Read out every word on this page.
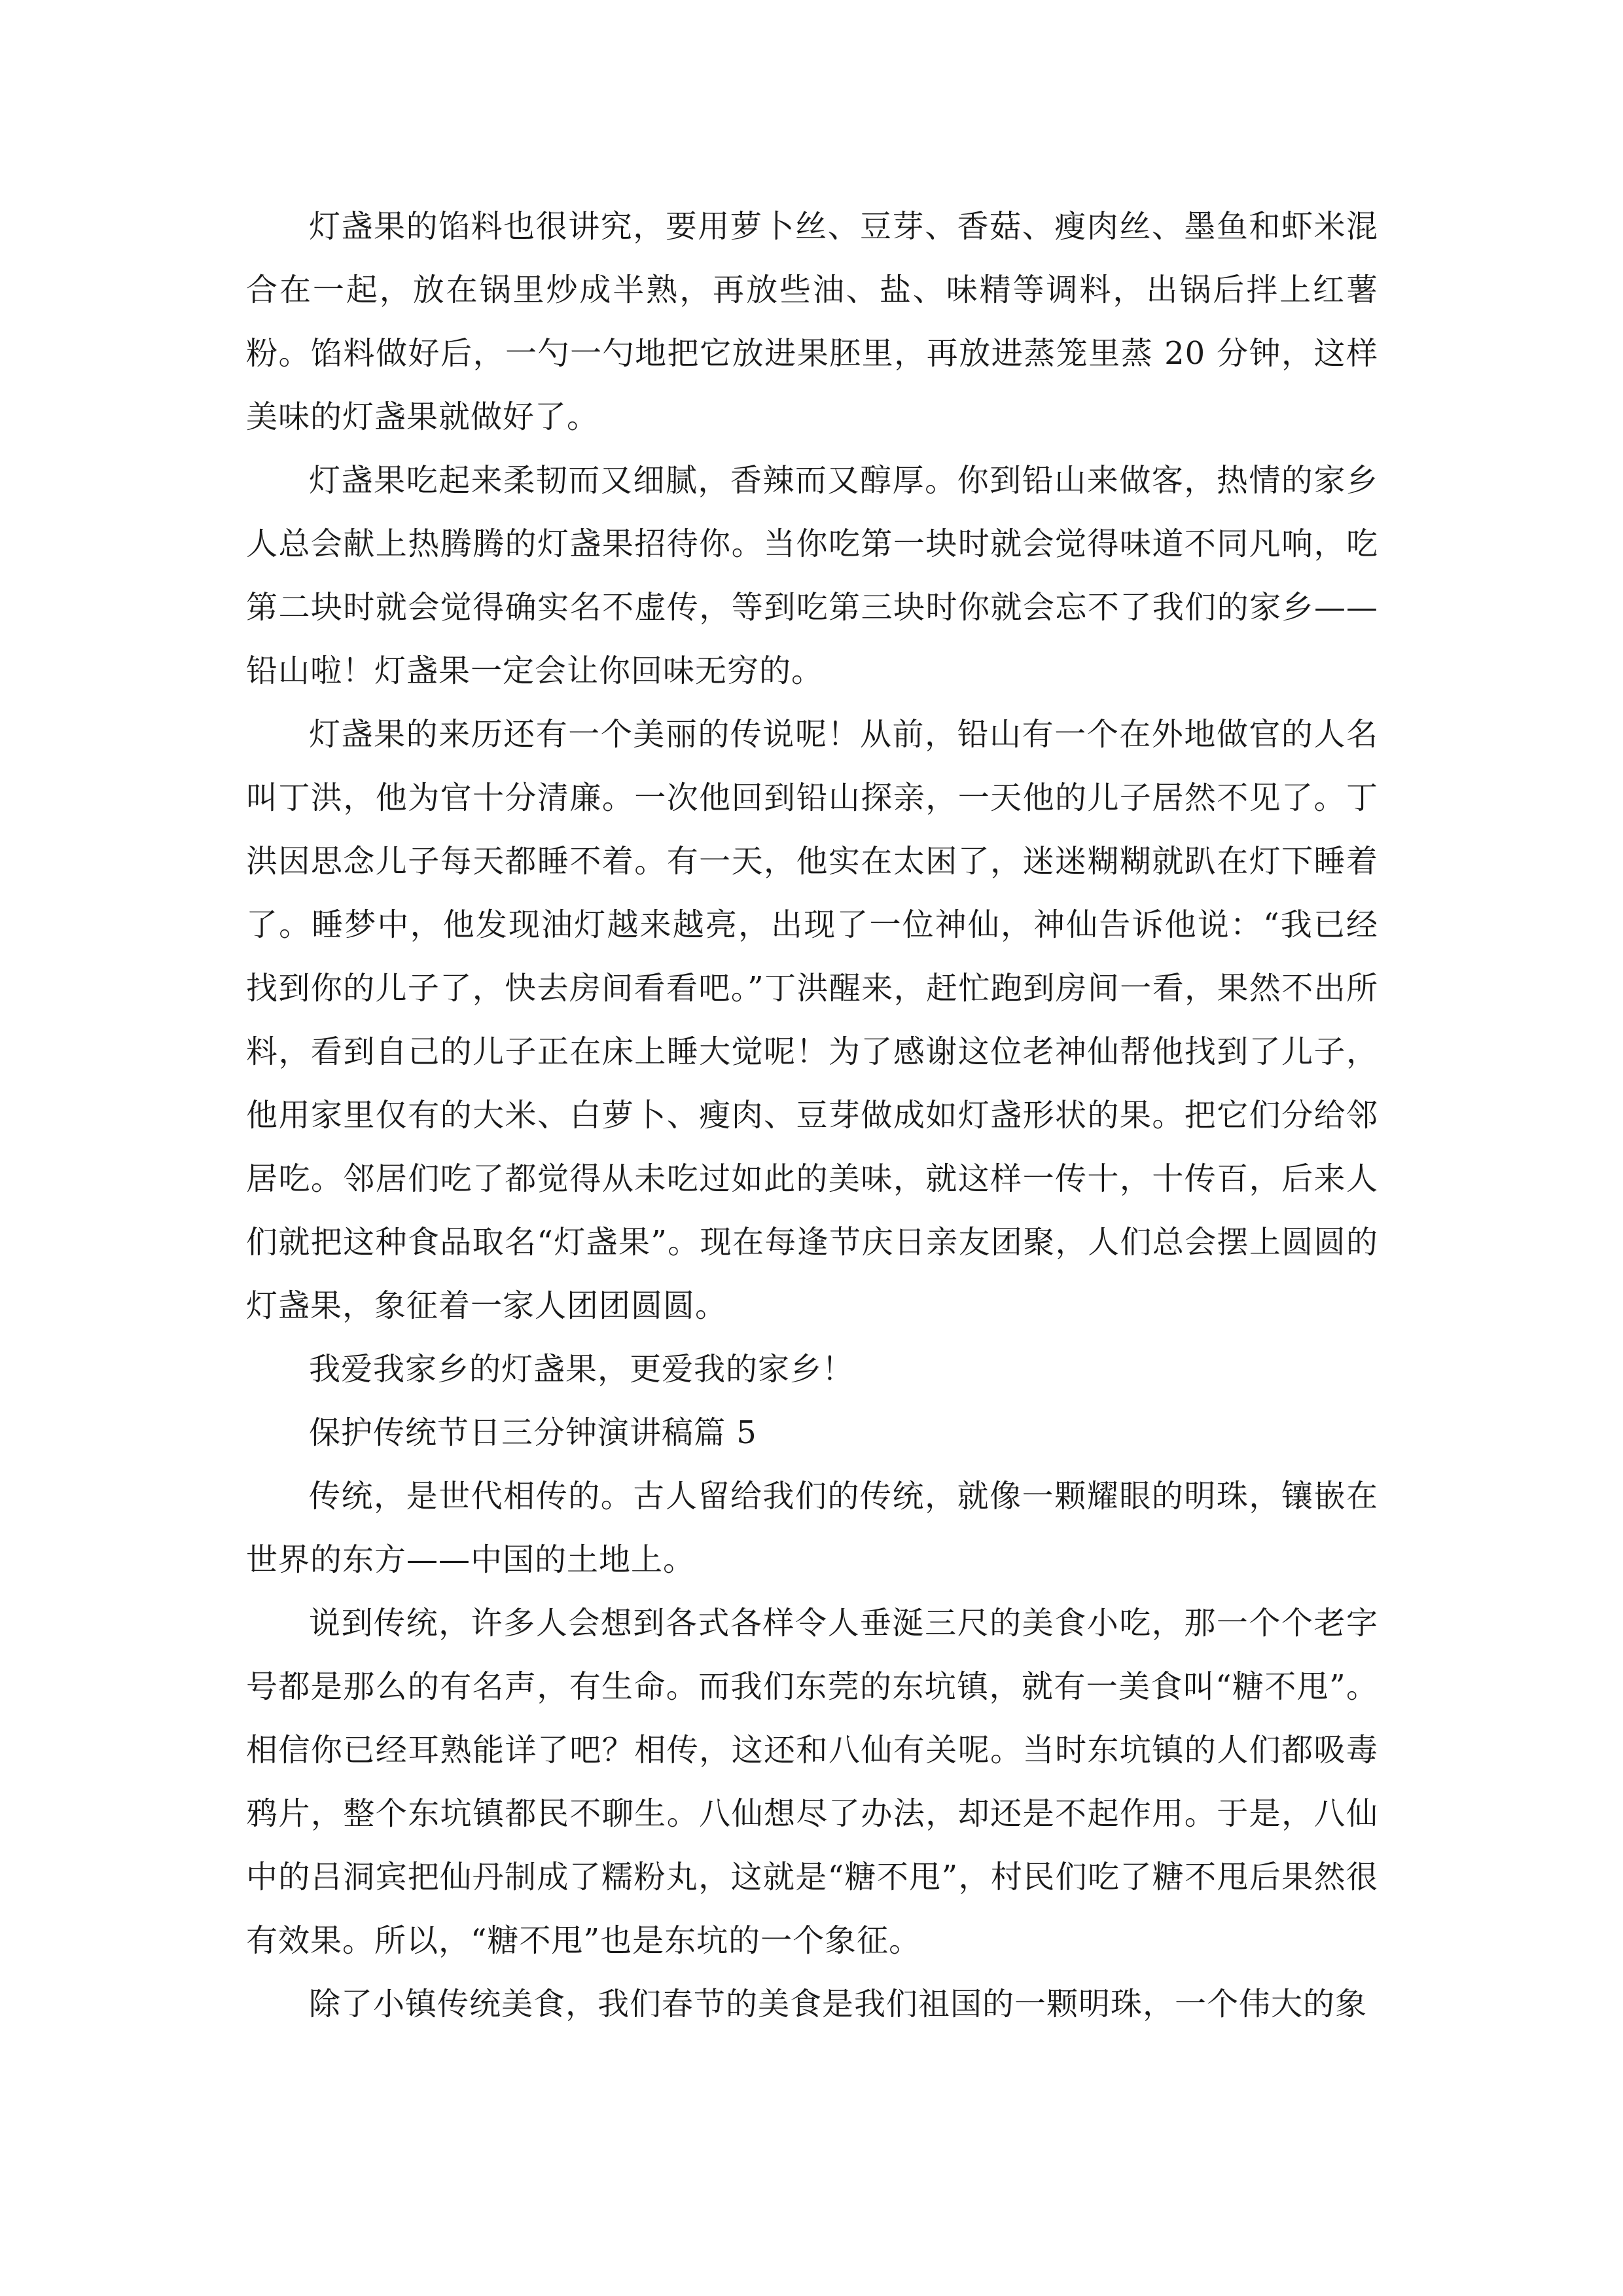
灯盏果的馅料也很讲究，要用萝卜丝、豆芽、香菇、瘦肉丝、墨鱼和虾米混合在一起，放在锅里炒成半熟，再放些油、盐、味精等调料，出锅后拌上红薯粉。馅料做好后，一勺一勺地把它放进果胚里，再放进蒸笼里蒸 20 分钟，这样美味的灯盏果就做好了。

灯盏果吃起来柔韧而又细腻，香辣而又醇厚。你到铅山来做客，热情的家乡人总会献上热腾腾的灯盏果招待你。当你吃第一块时就会觉得味道不同凡响，吃第二块时就会觉得确实名不虚传，等到吃第三块时你就会忘不了我们的家乡——铅山啦！灯盏果一定会让你回味无穷的。

灯盏果的来历还有一个美丽的传说呢！从前，铅山有一个在外地做官的人名叫丁洪，他为官十分清廉。一次他回到铅山探亲，一天他的儿子居然不见了。丁洪因思念儿子每天都睡不着。有一天，他实在太困了，迷迷糊糊就趴在灯下睡着了。睡梦中，他发现油灯越来越亮，出现了一位神仙，神仙告诉他说：“我已经找到你的儿子了，快去房间看看吧。”丁洪醒来，赶忙跑到房间一看，果然不出所料，看到自己的儿子正在床上睡大觉呢！为了感谢这位老神仙帮他找到了儿子，他用家里仅有的大米、白萝卜、瘦肉、豆芽做成如灯盏形状的果。把它们分给邻居吃。邻居们吃了都觉得从未吃过如此的美味，就这样一传十，十传百，后来人们就把这种食品取名“灯盏果”。现在每逢节庆日亲友团聚，人们总会摆上圆圆的灯盏果，象征着一家人团团圆圆。

我爱我家乡的灯盏果，更爱我的家乡！

保护传统节日三分钟演讲稿篇 5

传统，是世代相传的。古人留给我们的传统，就像一颗耀眼的明珠，镶嵌在世界的东方——中国的土地上。

说到传统，许多人会想到各式各样令人垂涎三尺的美食小吃，那一个个老字号都是那么的有名声，有生命。而我们东莞的东坑镇，就有一美食叫“糖不甩”。相信你已经耳熟能详了吧？相传，这还和八仙有关呢。当时东坑镇的人们都吸毒鸦片，整个东坑镇都民不聊生。八仙想尽了办法，却还是不起作用。于是，八仙中的吕洞宾把仙丹制成了糯粉丸，这就是“糖不甩”，村民们吃了糖不甩后果然很有效果。所以，“糖不甩”也是东坑的一个象征。

除了小镇传统美食，我们春节的美食是我们祖国的一颗明珠，一个伟大的象
